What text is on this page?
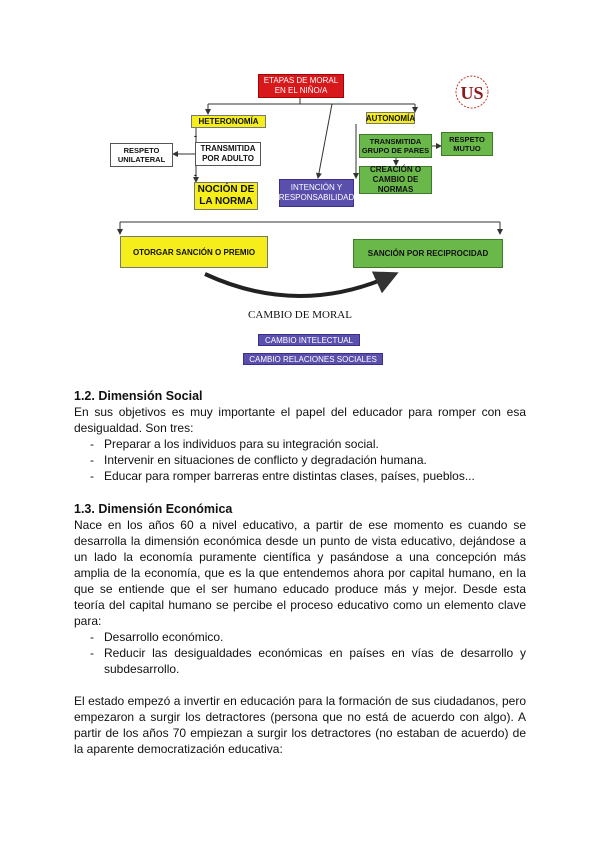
ETAPAS DE MORAL EN EL NIÑO/A	US
HETERONOMÍA	AUTONOMÍA
-
TRANSMITIDA POR ADULTO
RESPETO UNILATERAL
-
NOCIÓN DE LA NORMA
INTENCIÓN Y RESPONSABILIDAD
TRANSMITIDA GRUPO DE PARES
RESPETO MUTUO
CREACIÓN O CAMBIO DE NORMAS
OTORGAR SANCIÓN O PREMIO	SANCIÓN POR RECIPROCIDAD
CAMBIO DE MORAL
CAMBIO INTELECTUAL
CAMBIO RELACIONES SOCIALES

1.2. Dimensión Social

En sus objetivos es muy importante el papel del educador para romper con esa desigualdad. Son tres:

- Preparar a los individuos para su integración social.

- Intervenir en situaciones de conflicto y degradación humana.

- Educar para romper barreras entre distintas clases, países, pueblos...

1.3. Dimensión Económica

Nace en los años 60 a nivel educativo, a partir de ese momento es cuando se desarrolla la dimensión económica desde un punto de vista educativo, dejándose a un lado la economía puramente científica y pasándose a una concepción más amplia de la economía, que es la que entendemos ahora por capital humano, en la que se entiende que el ser humano educado produce más y mejor. Desde esta teoría del capital humano se percibe el proceso educativo como un elemento clave para:

- Desarrollo económico.

- Reducir las desigualdades económicas en países en vías de desarrollo y subdesarrollo.

El estado empezó a invertir en educación para la formación de sus ciudadanos, pero empezaron a surgir los detractores (persona que no está de acuerdo con algo). A partir de los años 70 empiezan a surgir los detractores (no estaban de acuerdo) de la aparente democratización educativa:
